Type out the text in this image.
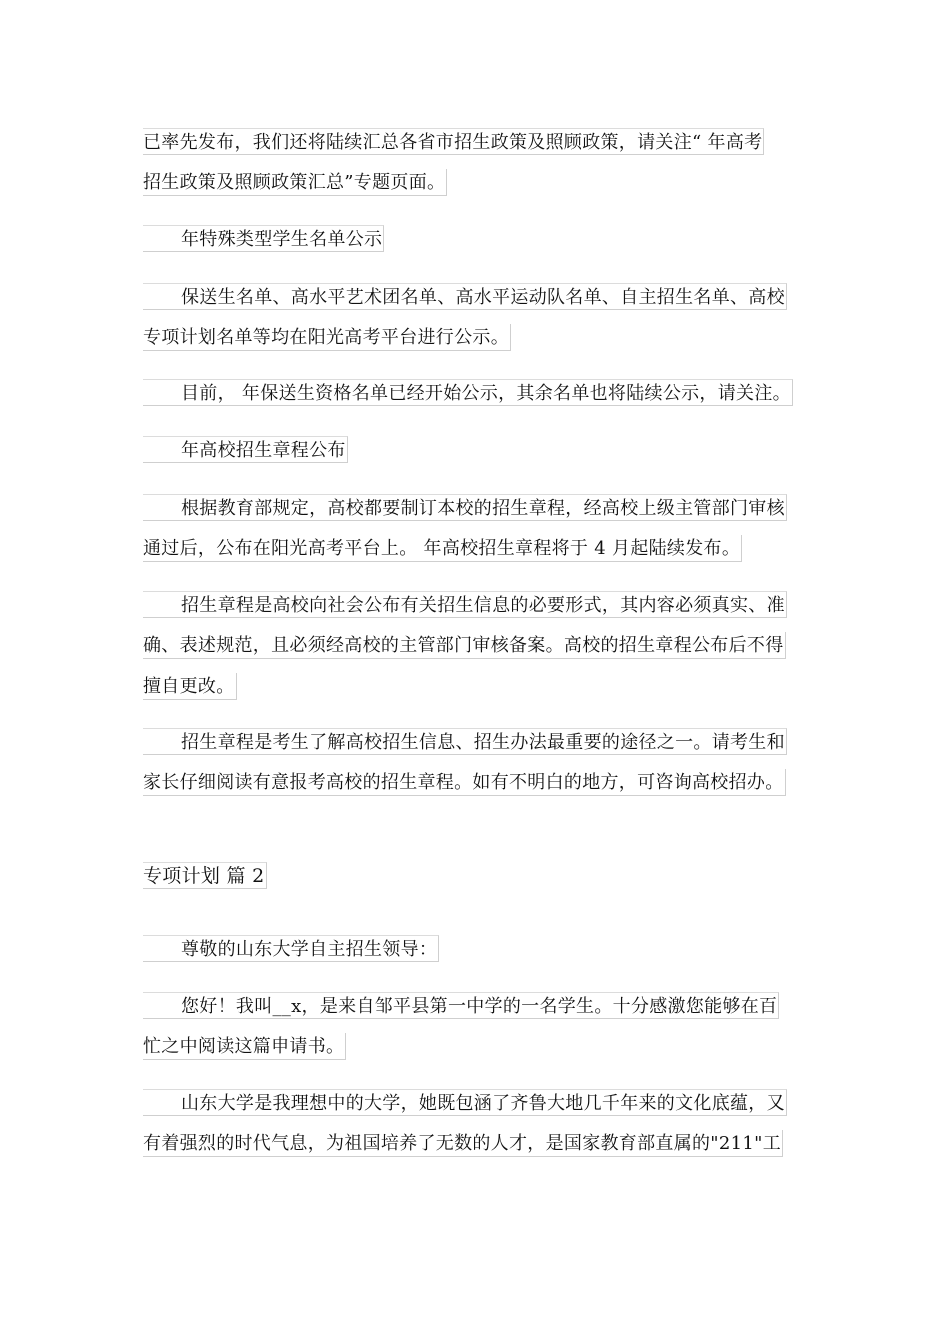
已率先发布，我们还将陆续汇总各省市招生政策及照顾政策，请关注“ 年高考
招生政策及照顾政策汇总”专题页面。
年特殊类型学生名单公示
保送生名单、高水平艺术团名单、高水平运动队名单、自主招生名单、高校
专项计划名单等均在阳光高考平台进行公示。
目前， 年保送生资格名单已经开始公示，其余名单也将陆续公示，请关注。
年高校招生章程公布
根据教育部规定，高校都要制订本校的招生章程，经高校上级主管部门审核
通过后，公布在阳光高考平台上。 年高校招生章程将于 4 月起陆续发布。
招生章程是高校向社会公布有关招生信息的必要形式，其内容必须真实、准
确、表述规范，且必须经高校的主管部门审核备案。高校的招生章程公布后不得
擅自更改。
招生章程是考生了解高校招生信息、招生办法最重要的途径之一。请考生和
家长仔细阅读有意报考高校的招生章程。如有不明白的地方，可咨询高校招办。
专项计划 篇 2
尊敬的山东大学自主招生领导：
您好！我叫__x，是来自邹平县第一中学的一名学生。十分感激您能够在百
忙之中阅读这篇申请书。
山东大学是我理想中的大学，她既包涵了齐鲁大地几千年来的文化底蕴，又
有着强烈的时代气息，为祖国培养了无数的人才，是国家教育部直属的"211"工
